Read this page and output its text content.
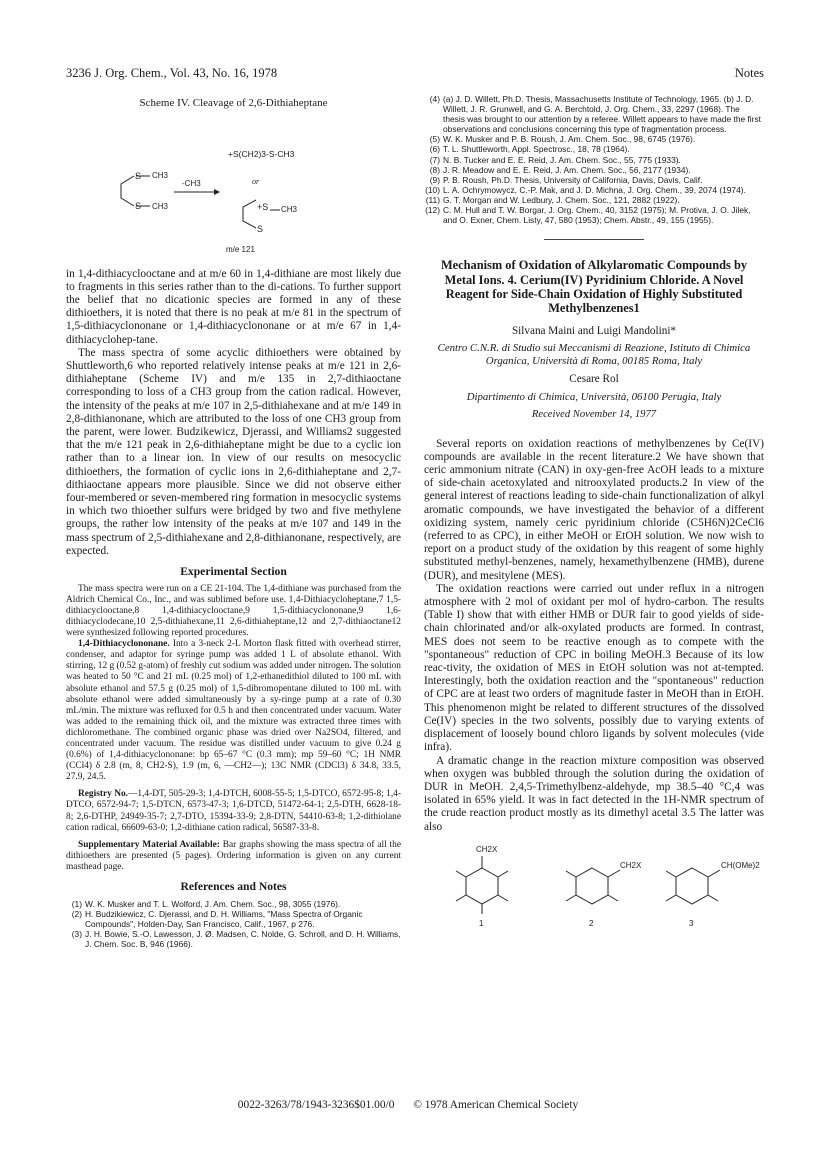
3236 J. Org. Chem., Vol. 43, No. 16, 1978	Notes
Scheme IV. Cleavage of 2,6-Dithiaheptane
S
S
CH3
CH3
-CH3
+S(CH2)3-S-CH3
or
+S
S
CH3
m/e 121

in 1,4-dithiacyclooctane and at m/e 60 in 1,4-dithiane are most likely due to fragments in this series rather than to the di-cations. To further support the belief that no dicationic species are formed in any of these dithioethers, it is noted that there is no peak at m/e 81 in the spectrum of 1,5-dithiacyclononane or 1,4-dithiacyclononane or at m/e 67 in 1,4-dithiacyclohep-tane.

The mass spectra of some acyclic dithioethers were obtained by Shuttleworth,6 who reported relatively intense peaks at m/e 121 in 2,6-dithiaheptane (Scheme IV) and m/e 135 in 2,7-dithiaoctane corresponding to loss of a CH3 group from the cation radical. However, the intensity of the peaks at m/e 107 in 2,5-dithiahexane and at m/e 149 in 2,8-dithianonane, which are attributed to the loss of one CH3 group from the parent, were lower. Budzikewicz, Djerassi, and Williams2 suggested that the m/e 121 peak in 2,6-dithiaheptane might be due to a cyclic ion rather than to a linear ion. In view of our results on mesocyclic dithioethers, the formation of cyclic ions in 2,6-dithiaheptane and 2,7-dithiaoctane appears more plausible. Since we did not observe either four-membered or seven-membered ring formation in mesocyclic systems in which two thioether sulfurs were bridged by two and five methylene groups, the rather low intensity of the peaks at m/e 107 and 149 in the mass spectrum of 2,5-dithiahexane and 2,8-dithianonane, respectively, are expected.

Experimental Section

The mass spectra were run on a CE 21-104. The 1,4-dithiane was purchased from the Aldrich Chemical Co., Inc., and was sublimed before use. 1,4-Dithiacycloheptane,7 1,5-dithiacyclooctane,8 1,4-dithiacyclooctane,9 1,5-dithiacyclononane,9 1,6-dithiacyclodecane,10 2,5-dithiahexane,11 2,6-dithiaheptane,12 and 2,7-dithiaoctane12 were synthesized following reported procedures.

1,4-Dithiacyclononane. Into a 3-neck 2-L Morton flask fitted with overhead stirrer, condenser, and adaptor for syringe pump was added 1 L of absolute ethanol. With stirring, 12 g (0.52 g-atom) of freshly cut sodium was added under nitrogen. The solution was heated to 50 °C and 21 mL (0.25 mol) of 1,2-ethanedithiol diluted to 100 mL with absolute ethanol and 57.5 g (0.25 mol) of 1,5-dibromopentane diluted to 100 mL with absolute ethanol were added simultaneously by a sy-ringe pump at a rate of 0.30 mL/min. The mixture was refluxed for 0.5 h and then concentrated under vacuum. Water was added to the remaining thick oil, and the mixture was extracted three times with dichloromethane. The combined organic phase was dried over Na2SO4, filtered, and concentrated under vacuum. The residue was distilled under vacuum to give 0.24 g (0.6%) of 1,4-dithiacyclononane: bp 65–67 °C (0.3 mm); mp 59–60 °C; 1H NMR (CCl4) δ 2.8 (m, 8, CH2-S), 1.9 (m, 6, —CH2—); 13C NMR (CDCl3) δ 34.8, 33.5, 27.9, 24.5.

Registry No.—1,4-DT, 505-29-3; 1,4-DTCH, 6008-55-5; 1,5-DTCO, 6572-95-8; 1,4-DTCO, 6572-94-7; 1,5-DTCN, 6573-47-3; 1,6-DTCD, 51472-64-1; 2,5-DTH, 6628-18-8; 2,6-DTHP, 24949-35-7; 2,7-DTO, 15394-33-9; 2,8-DTN, 54410-63-8; 1,2-dithiolane cation radical, 66609-63-0; 1,2-dithiane cation radical, 56587-33-8.

Supplementary Material Available: Bar graphs showing the mass spectra of all the dithioethers are presented (5 pages). Ordering information is given on any current masthead page.

References and Notes
(1) W. K. Musker and T. L. Wolford, J. Am. Chem. Soc., 98, 3055 (1976).
(2) H. Budzikiewicz, C. Djerassi, and D. H. Williams, "Mass Spectra of Organic Compounds", Holden-Day, San Francisco, Calif., 1967, p 276.
(3) J. H. Bowie, S.-O. Lawesson, J. Ø. Madsen, C. Nolde, G. Schroll, and D. H. Williams, J. Chem. Soc. B, 946 (1966).
(4) (a) J. D. Willett, Ph.D. Thesis, Massachusetts Institute of Technology, 1965. (b) J. D. Willett, J. R. Grunwell, and G. A. Berchtold, J. Org. Chem., 33, 2297 (1968). The thesis was brought to our attention by a referee. Willett appears to have made the first observations and conclusions concerning this type of fragmentation process.
(5) W. K. Musker and P. B. Roush, J. Am. Chem. Soc., 98, 6745 (1976).
(6) T. L. Shuttleworth, Appl. Spectrosc., 18, 78 (1964).
(7) N. B. Tucker and E. E. Reid, J. Am. Chem. Soc., 55, 775 (1933).
(8) J. R. Meadow and E. E. Reid, J. Am. Chem. Soc., 56, 2177 (1934).
(9) P. B. Roush, Ph.D. Thesis, University of California, Davis, Davis, Calif.
(10) L. A. Ochrymowycz, C.-P. Mak, and J. D. Michna, J. Org. Chem., 39, 2074 (1974).
(11) G. T. Morgan and W. Ledbury, J. Chem. Soc., 121, 2882 (1922).
(12) C. M. Hull and T. W. Borgar, J. Org. Chem., 40, 3152 (1975); M. Protiva, J. O. Jilek, and O. Exner, Chem. Listy, 47, 580 (1953); Chem. Abstr., 49, 155 (1955).
Mechanism of Oxidation of Alkylaromatic Compounds by Metal Ions. 4. Cerium(IV) Pyridinium Chloride. A Novel Reagent for Side-Chain Oxidation of Highly Substituted Methylbenzenes1
Silvana Maini and Luigi Mandolini*
Centro C.N.R. di Studio sui Meccanismi di Reazione, Istituto di Chimica Organica, Università di Roma, 00185 Roma, Italy
Cesare Rol
Dipartimento di Chimica, Università, 06100 Perugia, Italy
Received November 14, 1977

Several reports on oxidation reactions of methylbenzenes by Ce(IV) compounds are available in the recent literature.2 We have shown that ceric ammonium nitrate (CAN) in oxy-gen-free AcOH leads to a mixture of side-chain acetoxylated and nitrooxylated products.2 In view of the general interest of reactions leading to side-chain functionalization of alkyl aromatic compounds, we have investigated the behavior of a different oxidizing system, namely ceric pyridinium chloride (C5H6N)2CeCl6 (referred to as CPC), in either MeOH or EtOH solution. We now wish to report on a product study of the oxidation by this reagent of some highly substituted methyl-benzenes, namely, hexamethylbenzene (HMB), durene (DUR), and mesitylene (MES).

The oxidation reactions were carried out under reflux in a nitrogen atmosphere with 2 mol of oxidant per mol of hydro-carbon. The results (Table I) show that with either HMB or DUR fair to good yields of side-chain chlorinated and/or alk-oxylated products are formed. In contrast, MES does not seem to be reactive enough as to compete with the "spontaneous" reduction of CPC in boiling MeOH.3 Because of its low reac-tivity, the oxidation of MES in EtOH solution was not at-tempted. Interestingly, both the oxidation reaction and the "spontaneous" reduction of CPC are at least two orders of magnitude faster in MeOH than in EtOH. This phenomenon might be related to different structures of the dissolved Ce(IV) species in the two solvents, possibly due to varying extents of displacement of loosely bound chloro ligands by solvent molecules (vide infra).

A dramatic change in the reaction mixture composition was observed when oxygen was bubbled through the solution during the oxidation of DUR in MeOH. 2,4,5-Trimethylbenz-aldehyde, mp 38.5–40 °C,4 was isolated in 65% yield. It was in fact detected in the 1H-NMR spectrum of the crude reaction product mostly as its dimethyl acetal 3.5 The latter was also

CH2X
1
CH2X
2
CH(OMe)2
3
0022-3263/78/1943-3236$01.00/0 © 1978 American Chemical Society
